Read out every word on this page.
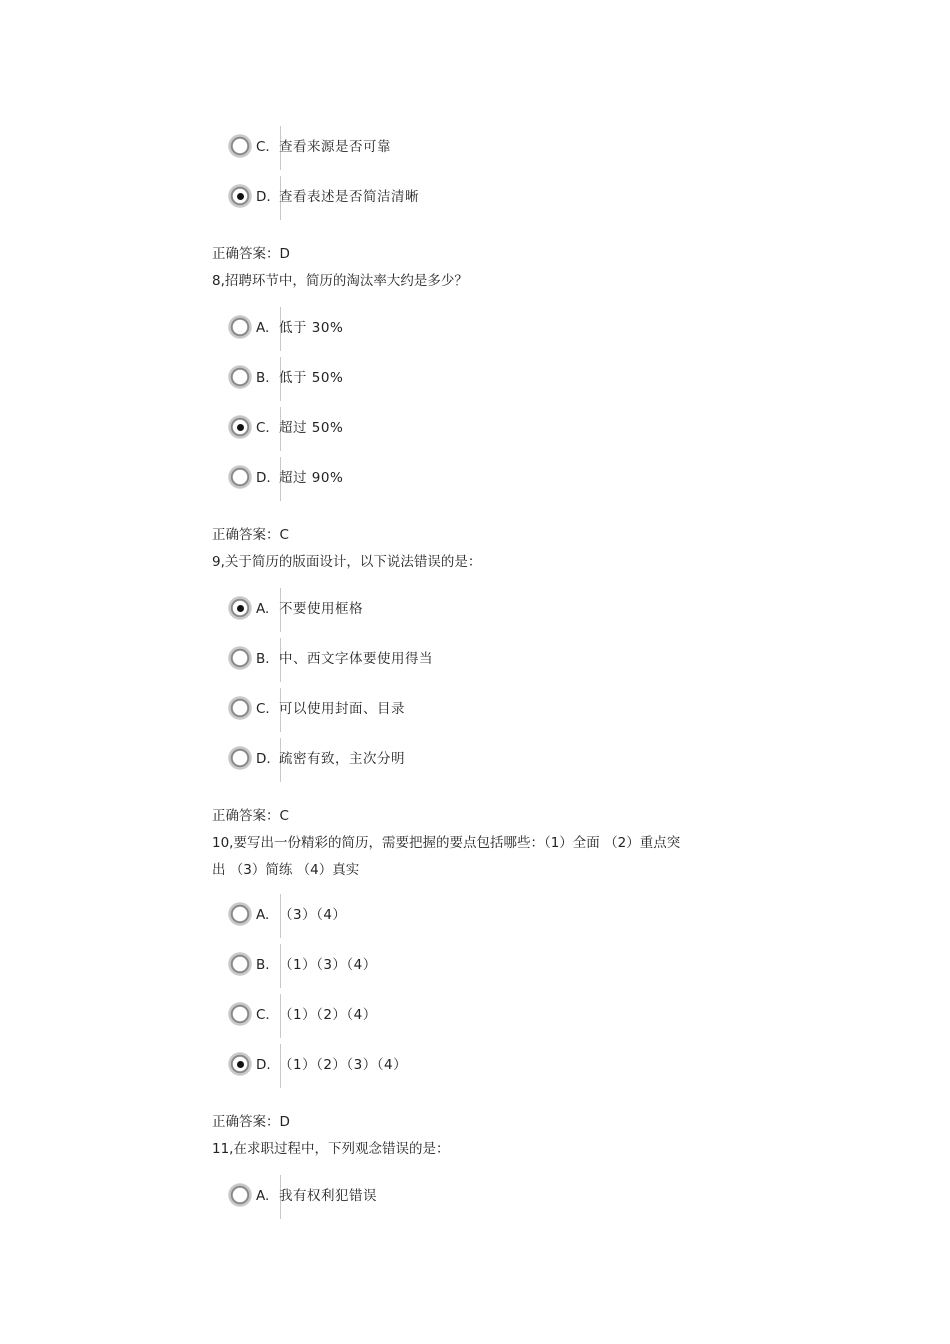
C. 查看来源是否可靠
D. 查看表述是否简洁清晰
正确答案：D
8,招聘环节中，简历的淘汰率大约是多少？
A. 低于 30%
B. 低于 50%
C. 超过 50%
D. 超过 90%
正确答案：C
9,关于简历的版面设计，以下说法错误的是：
A. 不要使用框格
B. 中、西文字体要使用得当
C. 可以使用封面、目录
D. 疏密有致，主次分明
正确答案：C
10,要写出一份精彩的简历，需要把握的要点包括哪些：（1）全面 （2）重点突
出 （3）简练 （4）真实
A. （3）（4）
B. （1）（3）（4）
C. （1）（2）（4）
D. （1）（2）（3）（4）
正确答案：D
11,在求职过程中，下列观念错误的是：
A. 我有权利犯错误
